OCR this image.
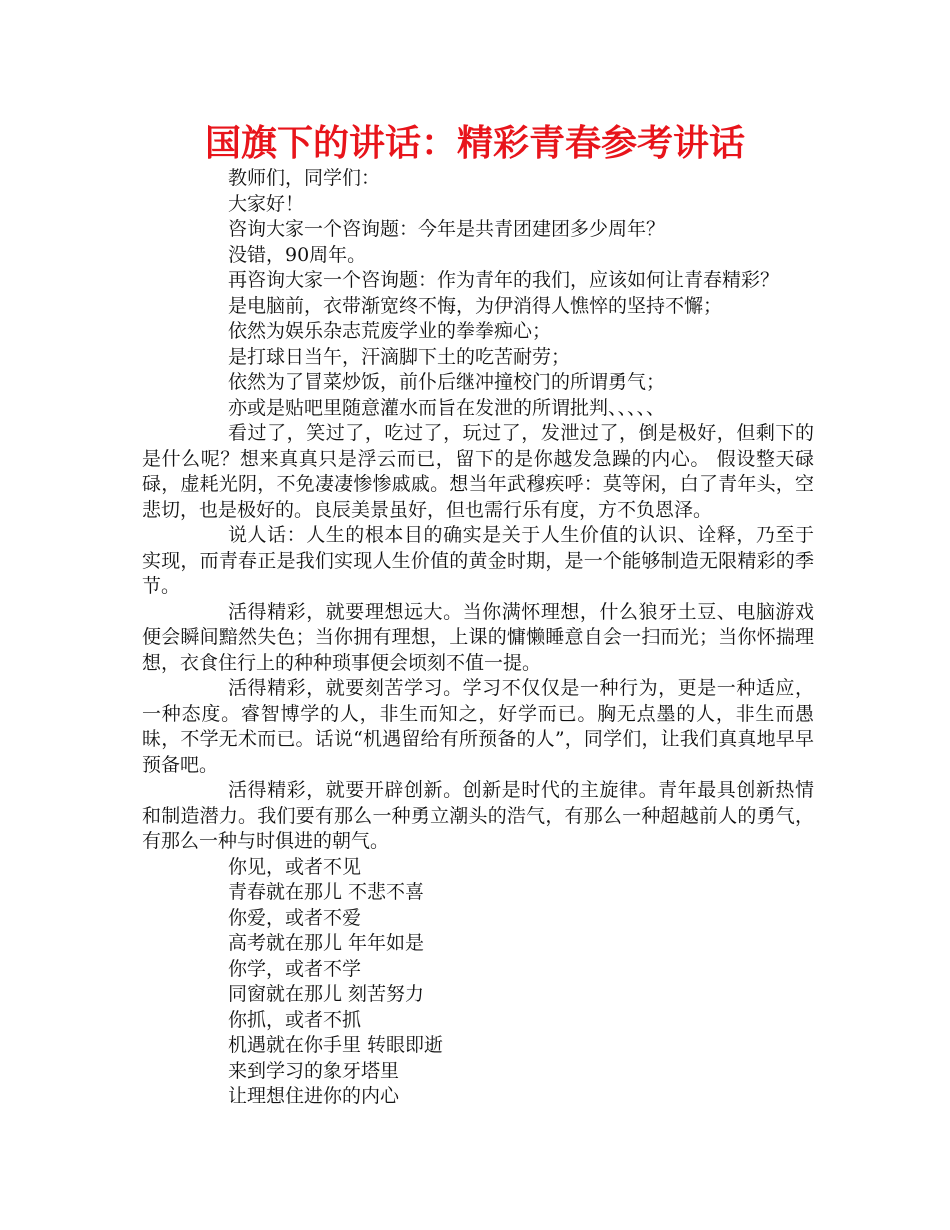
国旗下的讲话：精彩青春参考讲话

教师们，同学们：

大家好！

咨询大家一个咨询题：今年是共青团建团多少周年？

没错，90周年。

再咨询大家一个咨询题：作为青年的我们，应该如何让青春精彩？

是电脑前，衣带渐宽终不悔，为伊消得人憔悴的坚持不懈；

依然为娱乐杂志荒废学业的拳拳痴心；

是打球日当午，汗滴脚下土的吃苦耐劳；

依然为了冒菜炒饭，前仆后继冲撞校门的所谓勇气；

亦或是贴吧里随意灌水而旨在发泄的所谓批判、、、、、

看过了，笑过了，吃过了，玩过了，发泄过了，倒是极好，但剩下的是什么呢？想来真真只是浮云而已，留下的是你越发急躁的内心。 假设整天碌碌，虚耗光阴，不免凄凄惨惨戚戚。想当年武穆疾呼：莫等闲，白了青年头，空悲切，也是极好的。良辰美景虽好，但也需行乐有度，方不负恩泽。

说人话：人生的根本目的确实是关于人生价值的认识、诠释，乃至于实现，而青春正是我们实现人生价值的黄金时期，是一个能够制造无限精彩的季节。

活得精彩，就要理想远大。当你满怀理想，什么狼牙土豆、电脑游戏便会瞬间黯然失色；当你拥有理想，上课的慵懒睡意自会一扫而光；当你怀揣理想，衣食住行上的种种琐事便会顷刻不值一提。

活得精彩，就要刻苦学习。学习不仅仅是一种行为，更是一种适应，一种态度。睿智博学的人，非生而知之，好学而已。胸无点墨的人，非生而愚昧，不学无术而已。话说“机遇留给有所预备的人”，同学们，让我们真真地早早预备吧。

活得精彩，就要开辟创新。创新是时代的主旋律。青年最具创新热情和制造潜力。我们要有那么一种勇立潮头的浩气，有那么一种超越前人的勇气，有那么一种与时俱进的朝气。

你见，或者不见

青春就在那儿 不悲不喜

你爱，或者不爱

高考就在那儿 年年如是

你学，或者不学

同窗就在那儿 刻苦努力

你抓，或者不抓

机遇就在你手里 转眼即逝

来到学习的象牙塔里

让理想住进你的内心
